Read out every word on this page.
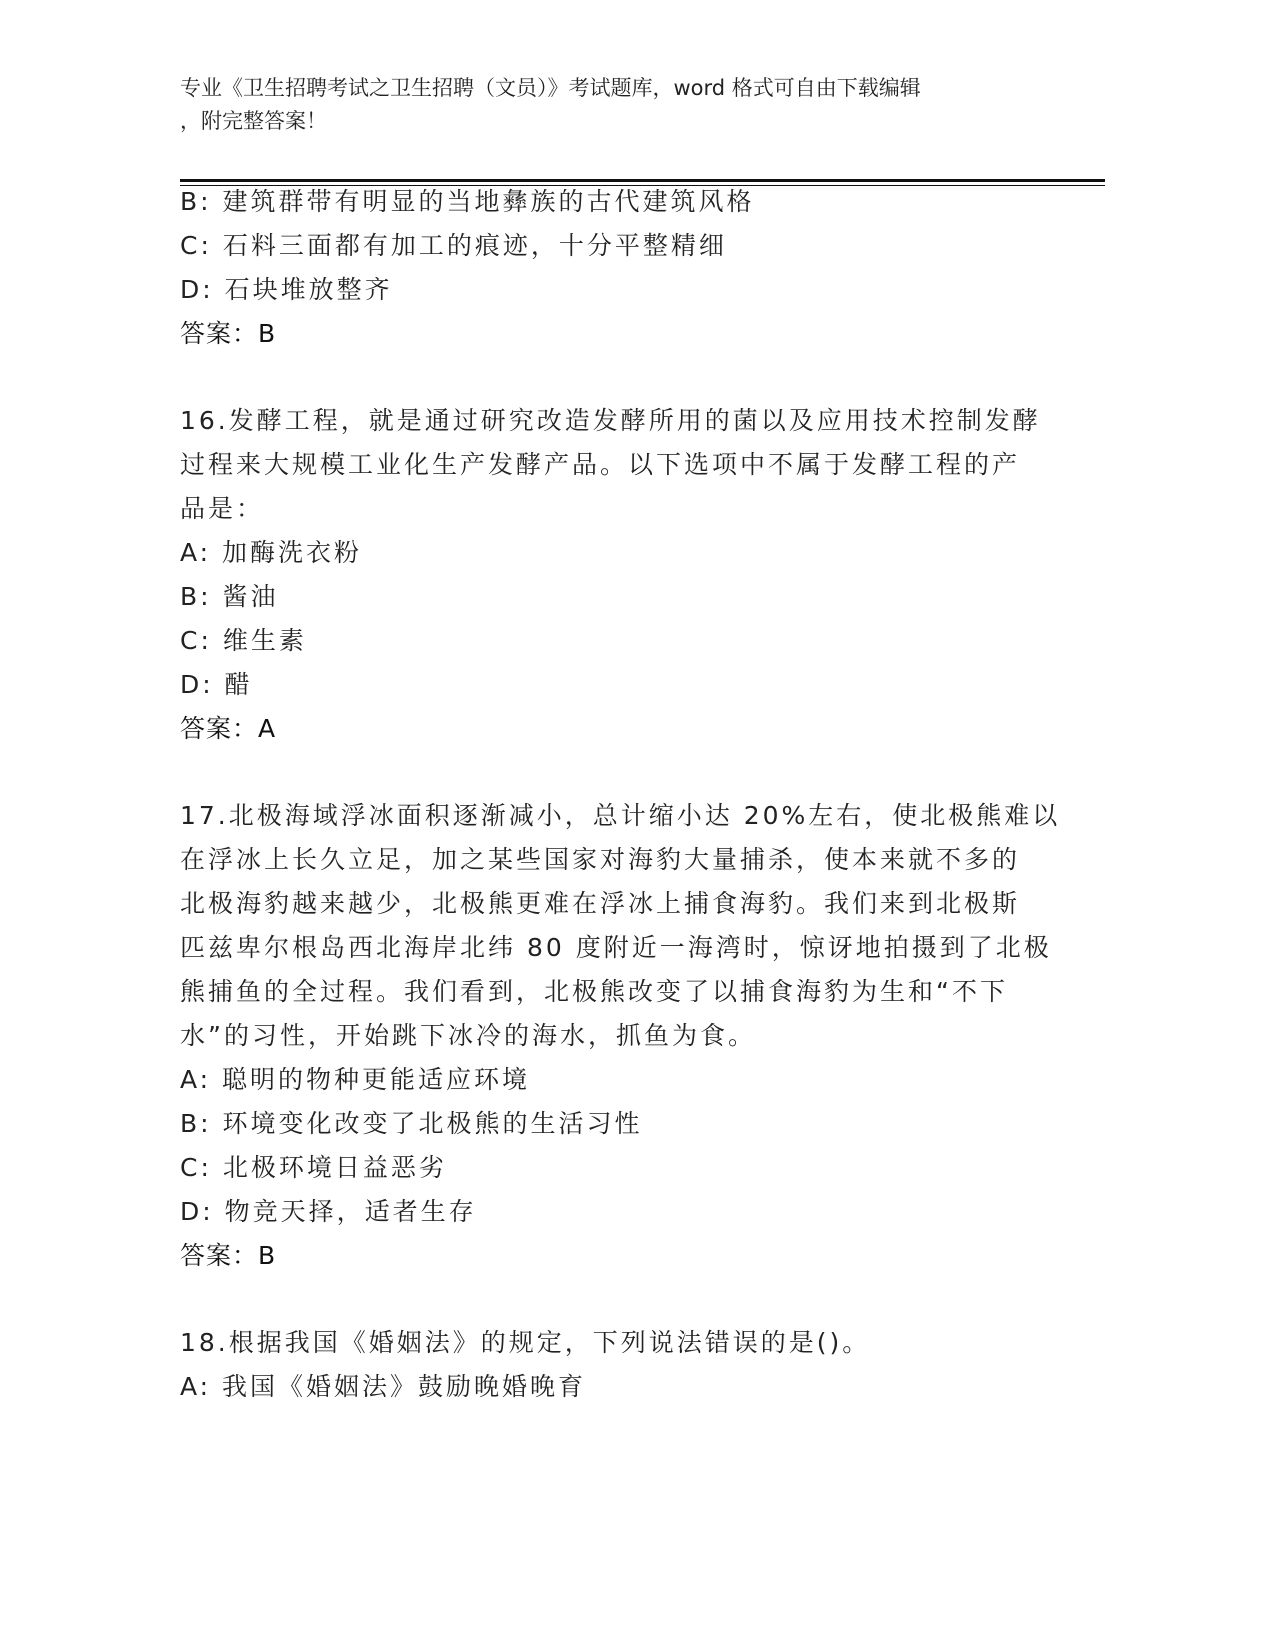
专业《卫生招聘考试之卫生招聘（文员）》考试题库，word 格式可自由下载编辑
，附完整答案！
B: 建筑群带有明显的当地彝族的古代建筑风格
C: 石料三面都有加工的痕迹，十分平整精细
D: 石块堆放整齐
答案：B
16.发酵工程，就是通过研究改造发酵所用的菌以及应用技术控制发酵
过程来大规模工业化生产发酵产品。以下选项中不属于发酵工程的产
品是：
A: 加酶洗衣粉
B: 酱油
C: 维生素
D: 醋
答案：A
17.北极海域浮冰面积逐渐减小，总计缩小达 20%左右，使北极熊难以
在浮冰上长久立足，加之某些国家对海豹大量捕杀，使本来就不多的
北极海豹越来越少，北极熊更难在浮冰上捕食海豹。我们来到北极斯
匹兹卑尔根岛西北海岸北纬 80 度附近一海湾时，惊讶地拍摄到了北极
熊捕鱼的全过程。我们看到，北极熊改变了以捕食海豹为生和“不下
水”的习性，开始跳下冰冷的海水，抓鱼为食。
A: 聪明的物种更能适应环境
B: 环境变化改变了北极熊的生活习性
C: 北极环境日益恶劣
D: 物竞天择，适者生存
答案：B
18.根据我国《婚姻法》的规定，下列说法错误的是()。
A: 我国《婚姻法》鼓励晚婚晚育
